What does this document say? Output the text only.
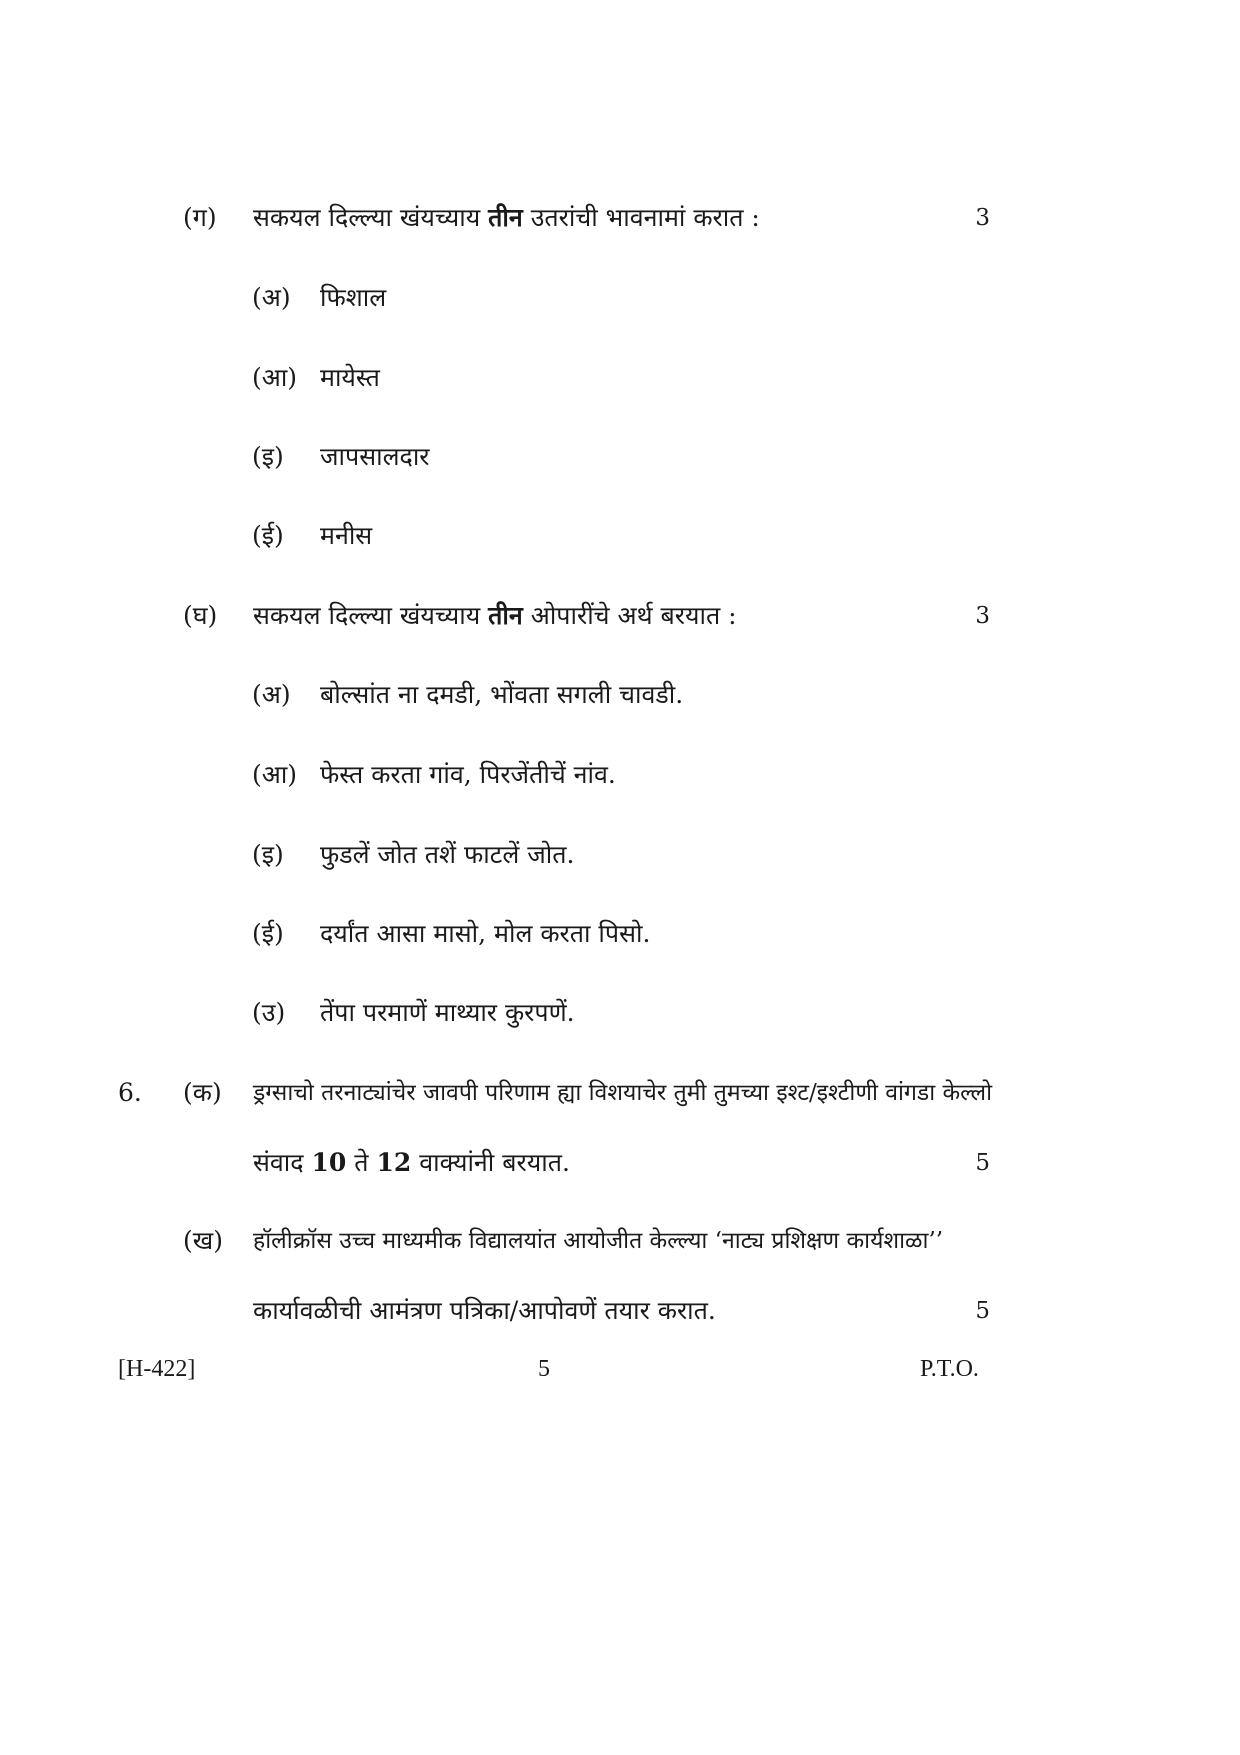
(ग) सकयल दिल्ल्या खंयच्याय तीन उतरांची भावनामां करात :	3
(अ) फिशाल
(आ) मायेस्त
(इ) जापसालदार
(ई) मनीस
(घ) सकयल दिल्ल्या खंयच्याय तीन ओपारींचे अर्थ बरयात :	3
(अ) बोल्सांत ना दमडी, भोंवता सगली चावडी.
(आ) फेस्त करता गांव, पिरजेंतीचें नांव.
(इ) फुडलें जोत तशें फाटलें जोत.
(ई) दर्यांत आसा मासो, मोल करता पिसो.
(उ) तेंपा परमाणें माथ्यार कुरपणें.
6. (क) ड्रग्साचो तरनाट्यांचेर जावपी परिणाम ह्या विशयाचेर तुमी तुमच्या इश्ट/इश्टीणी वांगडा केल्लो
संवाद 10 ते 12 वाक्यांनी बरयात.	5
(ख) हॉलीक्रॉस उच्च माध्यमीक विद्यालयांत आयोजीत केल्ल्या ‘नाट्य प्रशिक्षण कार्यशाळा’’
कार्यावळीची आमंत्रण पत्रिका/आपोवणें तयार करात.	5
[H-422]	5	P.T.O.
